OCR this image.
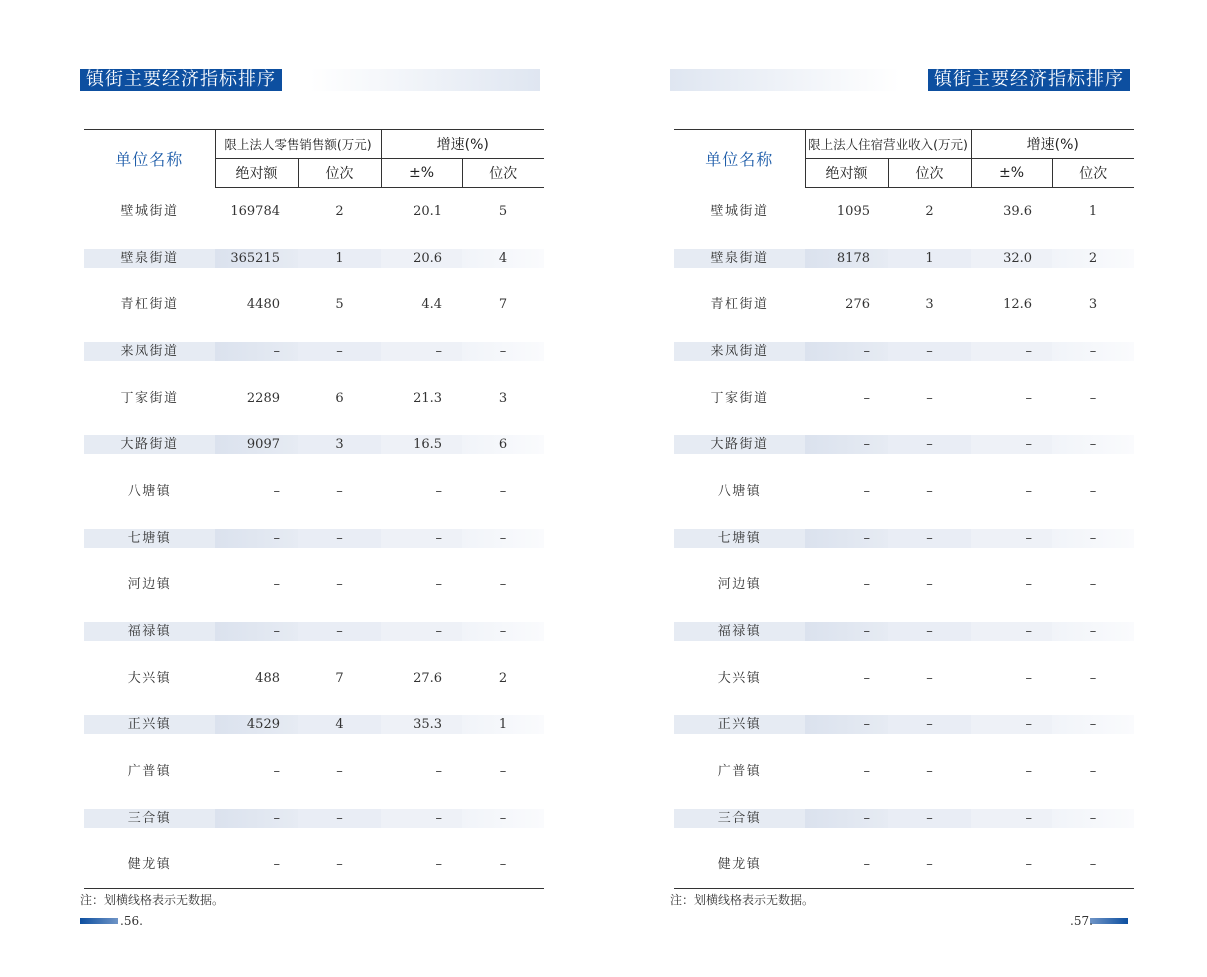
镇街主要经济指标排序
单位名称	限上法人零售销售额(万元)		增速(%)	
	绝对额	位次	±%	位次

壁城街道	169784	2	20.1	5

壁泉街道	365215	1	20.6	4

青杠街道	4480	5	4.4	7

来凤街道	–	–	–	–

丁家街道	2289	6	21.3	3

大路街道	9097	3	16.5	6

八塘镇	–	–	–	–

七塘镇	–	–	–	–

河边镇	–	–	–	–

福禄镇	–	–	–	–

大兴镇	488	7	27.6	2

正兴镇	4529	4	35.3	1

广普镇	–	–	–	–

三合镇	–	–	–	–

健龙镇	–	–	–	–
注：划横线格表示无数据。
.56.
镇街主要经济指标排序
单位名称	限上法人住宿营业收入(万元)		增速(%)	
	绝对额	位次	±%	位次

壁城街道	1095	2	39.6	1

壁泉街道	8178	1	32.0	2

青杠街道	276	3	12.6	3

来凤街道	–	–	–	–

丁家街道	–	–	–	–

大路街道	–	–	–	–

八塘镇	–	–	–	–

七塘镇	–	–	–	–

河边镇	–	–	–	–

福禄镇	–	–	–	–

大兴镇	–	–	–	–

正兴镇	–	–	–	–

广普镇	–	–	–	–

三合镇	–	–	–	–

健龙镇	–	–	–	–
注：划横线格表示无数据。
.57.
